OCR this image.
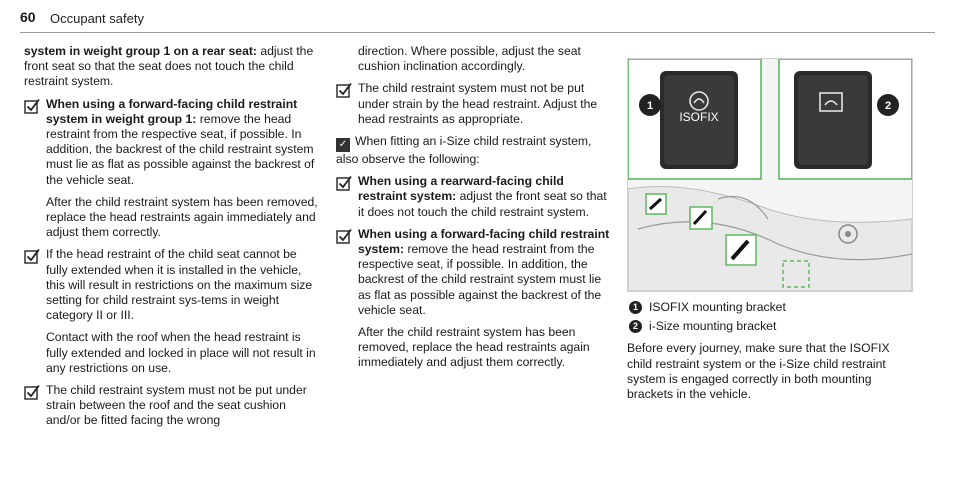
60 Occupant safety

system in weight group 1 on a rear seat: adjust the front seat so that the seat does not touch the child restraint system.

When using a forward-facing child restraint system in weight group 1: remove the head restraint from the respective seat, if possible. In addition, the backrest of the child restraint system must lie as flat as possible against the backrest of the vehicle seat.

After the child restraint system has been removed, replace the head restraints again immediately and adjust them correctly.

If the head restraint of the child seat cannot be fully extended when it is installed in the vehicle, this will result in restrictions on the maximum size setting for child restraint sys-tems in weight category II or III.

Contact with the roof when the head restraint is fully extended and locked in place will not result in any restrictions on use.

The child restraint system must not be put under strain between the roof and the seat cushion and/or be fitted facing the wrong

direction. Where possible, adjust the seat cushion inclination accordingly.

The child restraint system must not be put under strain by the head restraint. Adjust the head restraints as appropriate.

✓ When fitting an i-Size child restraint system, also observe the following:

When using a rearward-facing child restraint system: adjust the front seat so that it does not touch the child restraint system.

When using a forward-facing child restraint system: remove the head restraint from the respective seat, if possible. In addition, the backrest of the child restraint system must lie as flat as possible against the backrest of the vehicle seat.

After the child restraint system has been removed, replace the head restraints again immediately and adjust them correctly.

ISOFIX
1	2
1 ISOFIX mounting bracket
2 i-Size mounting bracket

Before every journey, make sure that the ISOFIX child restraint system or the i-Size child restraint system is engaged correctly in both mounting brackets in the vehicle.
